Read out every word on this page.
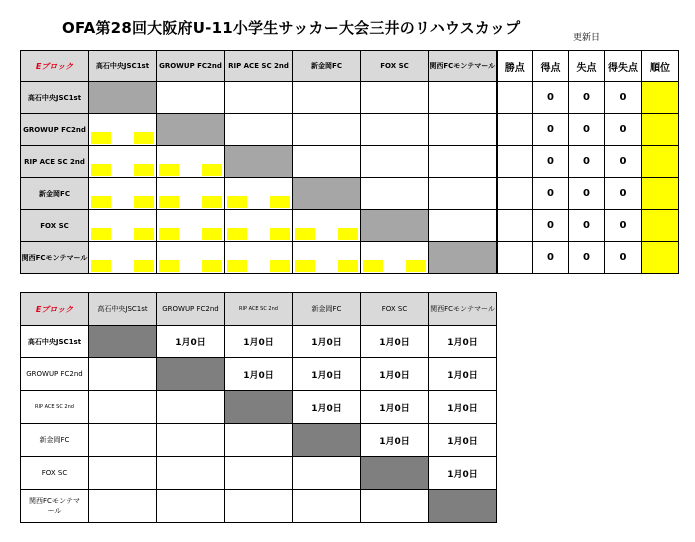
OFA第28回大阪府U-11小学生サッカー大会三井のリハウスカップ
更新日
Eブロック	高石中央JSC1st	GROWUP FC2nd	RIP ACE SC 2nd	新金岡FC	FOX SC	関西FCモンテマール	勝点	得点	失点	得失点	順位
高石中央JSC1st								0	0	0	
GROWUP FC2nd								0	0	0	
RIP ACE SC 2nd								0	0	0	
新金岡FC								0	0	0	
FOX SC								0	0	0	
関西FCモンテマール								0	0	0	
Eブロック	高石中央JSC1st	GROWUP FC2nd	RIP ACE SC 2nd	新金岡FC	FOX SC	関西FCモンテマール
高石中央JSC1st		1月0日	1月0日	1月0日	1月0日	1月0日
GROWUP FC2nd			1月0日	1月0日	1月0日	1月0日
RIP ACE SC 2nd				1月0日	1月0日	1月0日
新金岡FC					1月0日	1月0日
FOX SC						1月0日
関西FCモンテマール						
